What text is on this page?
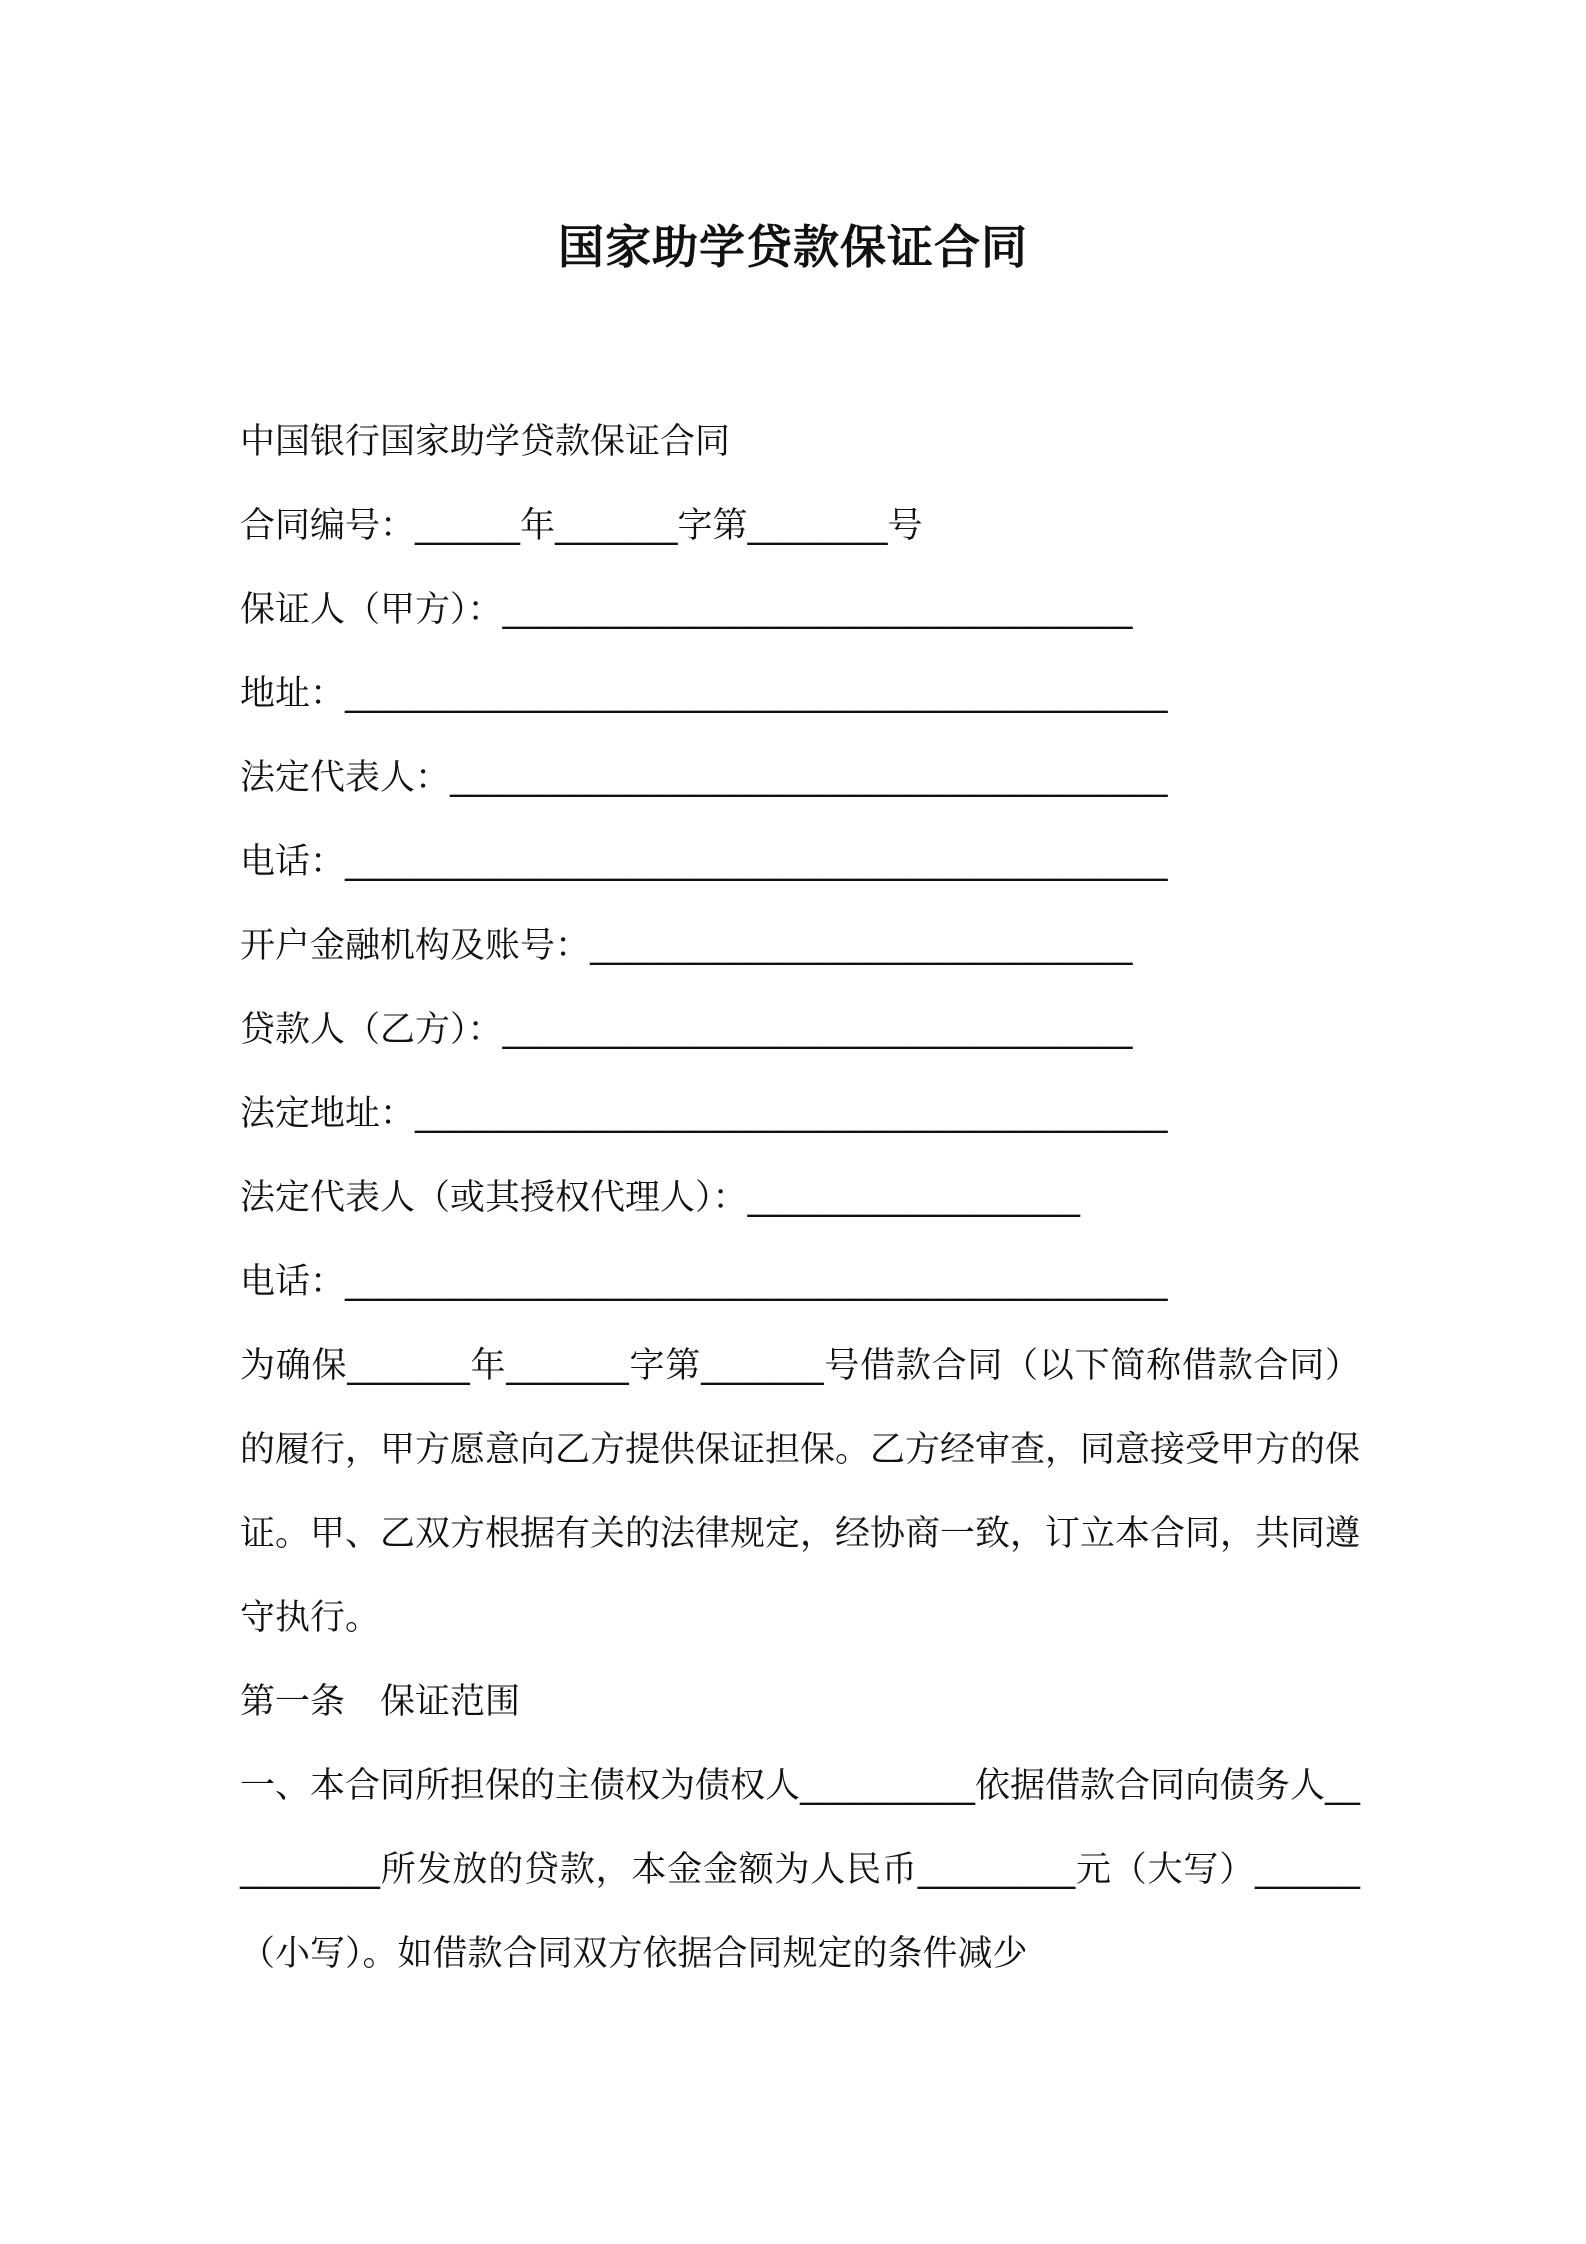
国家助学贷款保证合同
中国银行国家助学贷款保证合同
合同编号：______年_______字第________号
保证人（甲方）：____________________________________
地址：_______________________________________________
法定代表人：_________________________________________
电话：_______________________________________________
开户金融机构及账号：_______________________________
贷款人（乙方）：____________________________________
法定地址：___________________________________________
法定代表人（或其授权代理人）：___________________
电话：_______________________________________________
为确保_______年_______字第_______号借款合同（以下简称借款合同）的履行，甲方愿意向乙方提供保证担保。乙方经审查，同意接受甲方的保证。甲、乙双方根据有关的法律规定，经协商一致，订立本合同，共同遵守执行。
第一条　保证范围
一、本合同所担保的主债权为债权人__________依据借款合同向债务人__________所发放的贷款，本金金额为人民币_________元（大写）______（小写）。如借款合同双方依据合同规定的条件减少
